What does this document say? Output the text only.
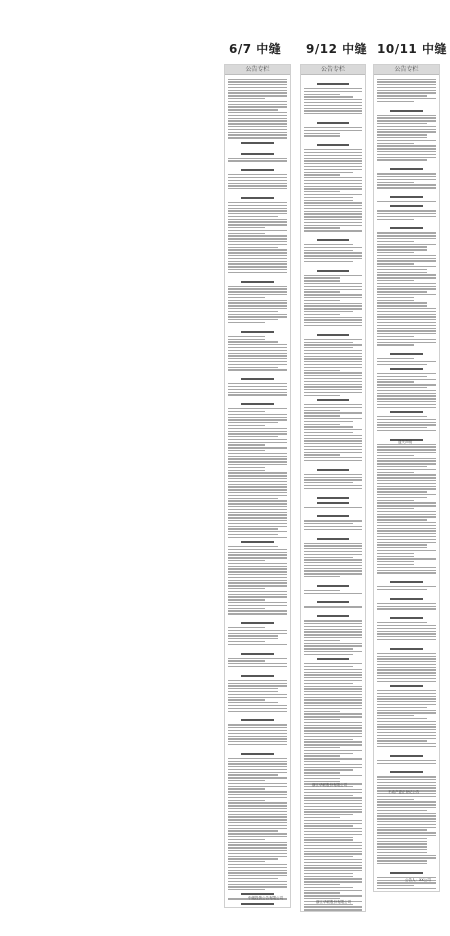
6/7 中缝 9/12 中缝 10/11 中缝
公告专栏	公告专栏	公告专栏
浙江华联股份有限公司
遗失声明
不动产更正登记公告
中级投资公告有限公司
浙江华联股份有限公司
公告人：XX公司
